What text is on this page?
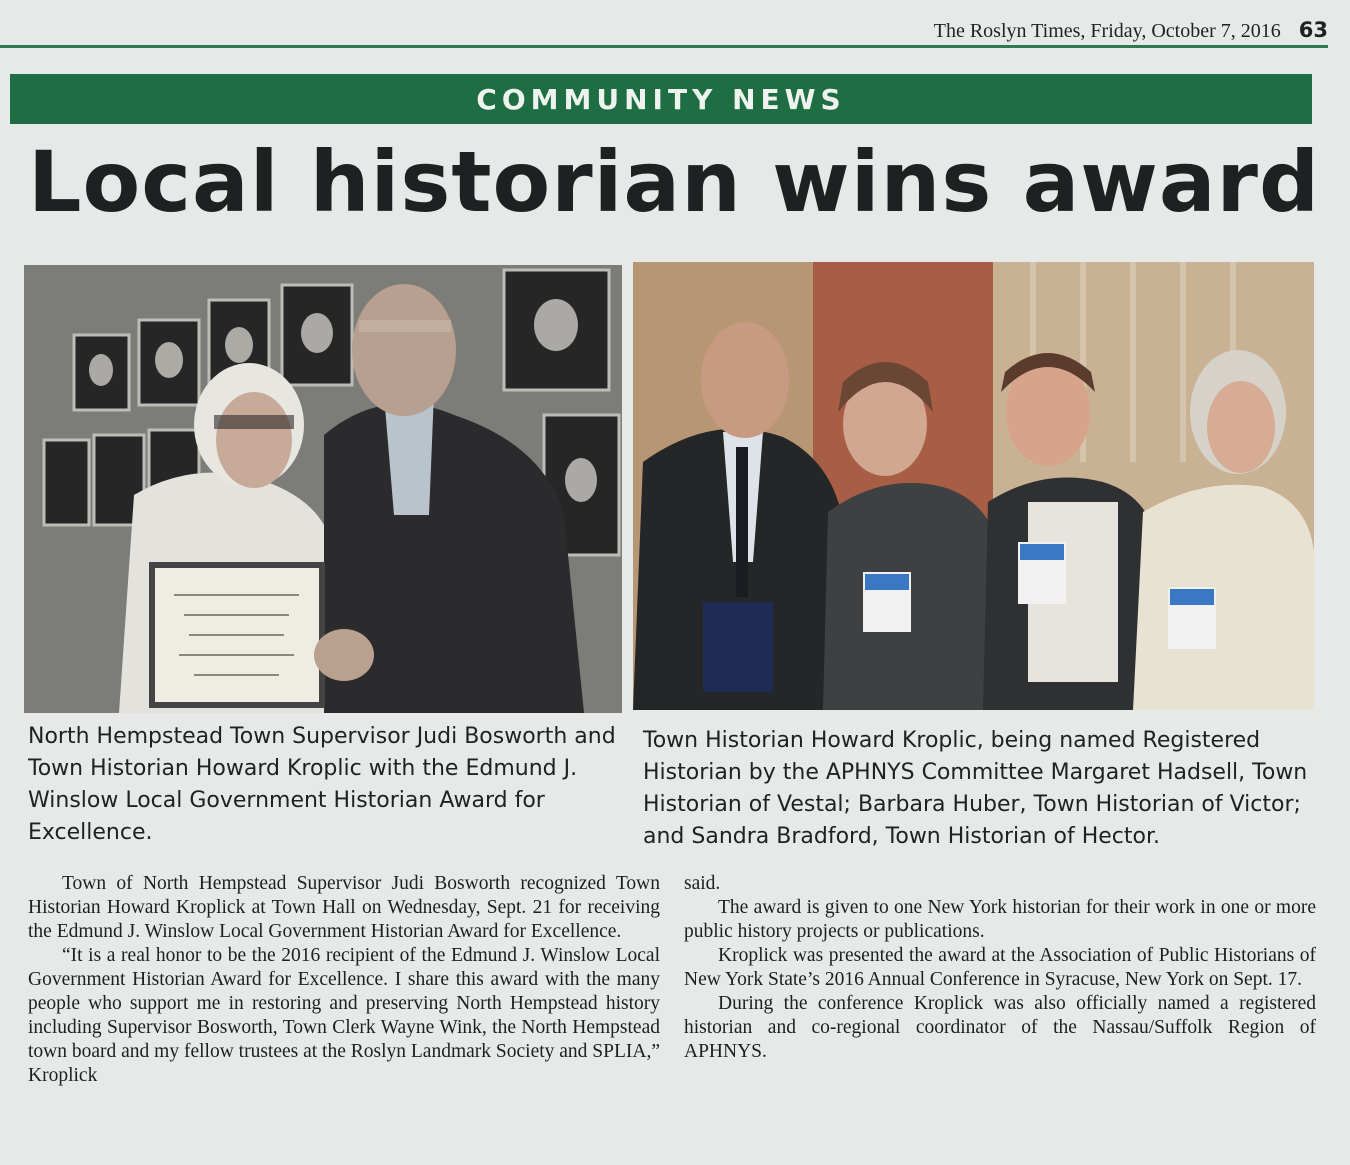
The Roslyn Times, Friday, October 7, 2016 63
COMMUNITY NEWS
Local historian wins award

North Hempstead Town Supervisor Judi Bosworth and Town Historian Howard Kroplic with the Edmund J. Winslow Local Government Historian Award for Excellence.

Town Historian Howard Kroplic, being named Registered Historian by the APHNYS Committee Margaret Hadsell, Town Historian of Vestal; Barbara Huber, Town Historian of Victor; and Sandra Bradford, Town Historian of Hector.

Town of North Hempstead Supervisor Judi Bosworth recognized Town Historian Howard Kroplick at Town Hall on Wednesday, Sept. 21 for receiving the Edmund J. Winslow Local Government Historian Award for Excellence.

“It is a real honor to be the 2016 recipient of the Edmund J. Winslow Local Government Historian Award for Excellence. I share this award with the many people who support me in restoring and preserving North Hempstead history including Supervisor Bosworth, Town Clerk Wayne Wink, the North Hempstead town board and my fellow trustees at the Roslyn Landmark Society and SPLIA,” Kroplick

said.

The award is given to one New York historian for their work in one or more public history projects or publications.

Kroplick was presented the award at the Association of Public Historians of New York State’s 2016 Annual Conference in Syracuse, New York on Sept. 17.

During the conference Kroplick was also officially named a registered historian and co-regional coordinator of the Nassau/Suffolk Region of APHNYS.
